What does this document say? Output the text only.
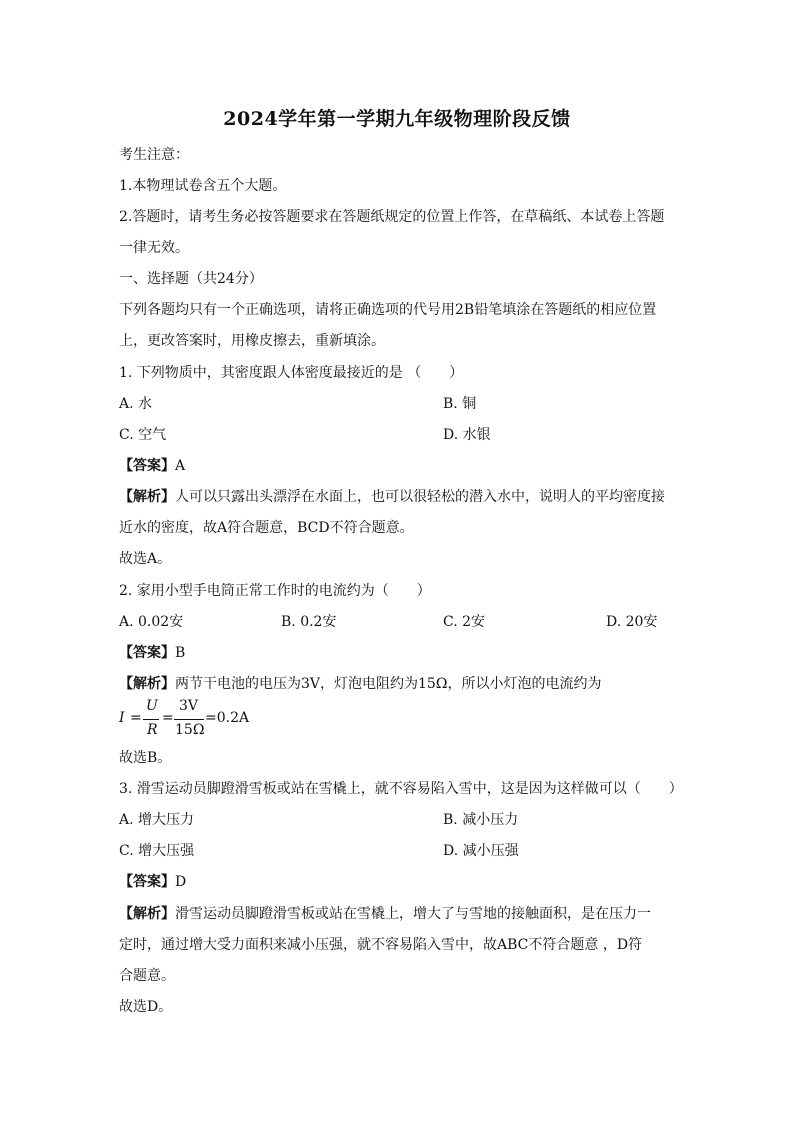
2024学年第一学期九年级物理阶段反馈
考生注意：
1.本物理试卷含五个大题。
2.答题时，请考生务必按答题要求在答题纸规定的位置上作答，在草稿纸、本试卷上答题
一律无效。
一、选择题（共24分）
下列各题均只有一个正确选项，请将正确选项的代号用2B铅笔填涂在答题纸的相应位置
上，更改答案时，用橡皮擦去，重新填涂。
1. 下列物质中，其密度跟人体密度最接近的是 （　　）
A. 水	B. 铜
C. 空气	D. 水银
【答案】A
【解析】人可以只露出头漂浮在水面上，也可以很轻松的潜入水中，说明人的平均密度接
近水的密度，故A符合题意，BCD不符合题意。
故选A。
2. 家用小型手电筒正常工作时的电流约为（　　）
A. 0.02安	B. 0.2安	C. 2安	D. 20安
【答案】B
【解析】两节干电池的电压为3V，灯泡电阻约为15Ω，所以小灯泡的电流约为
I =
U
R
=
3V
15Ω
=0.2A
故选B。
3. 滑雪运动员脚蹬滑雪板或站在雪橇上，就不容易陷入雪中，这是因为这样做可以（　　）
A. 增大压力	B. 减小压力
C. 增大压强	D. 减小压强
【答案】D
【解析】滑雪运动员脚蹬滑雪板或站在雪橇上，增大了与雪地的接触面积，是在压力一
定时，通过增大受力面积来减小压强，就不容易陷入雪中，故ABC不符合题意 ，D符
合题意。
故选D。
